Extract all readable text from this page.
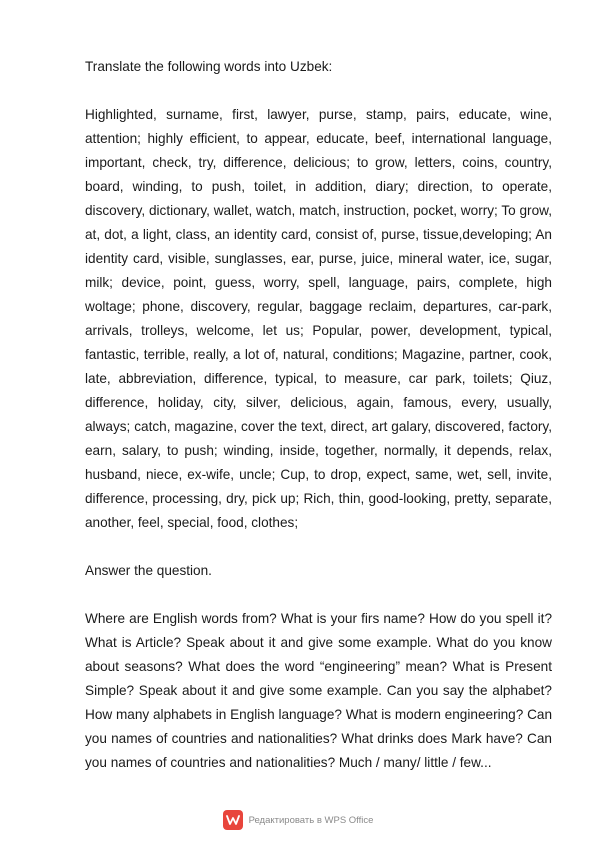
Translate the following words into Uzbek:

Highlighted, surname, first, lawyer, purse, stamp, pairs, educate, wine, attention; highly efficient, to appear, educate, beef, international language, important, check, try, difference, delicious; to grow, letters, coins, country, board, winding, to push, toilet, in addition, diary; direction, to operate, discovery, dictionary, wallet, watch, match, instruction, pocket, worry; To grow, at, dot, a light, class, an identity card, consist of, purse, tissue,developing; An identity card, visible, sunglasses, ear, purse, juice, mineral water, ice, sugar, milk; device, point, guess, worry, spell, language, pairs, complete, high woltage; phone, discovery, regular, baggage reclaim, departures, car-park, arrivals, trolleys, welcome, let us; Popular, power, development, typical, fantastic, terrible, really, a lot of, natural, conditions; Magazine, partner, cook, late, abbreviation, difference, typical, to measure, car park, toilets; Qiuz, difference, holiday, city, silver, delicious, again, famous, every, usually, always; catch, magazine, cover the text, direct, art galary, discovered, factory, earn, salary, to push; winding, inside, together, normally, it depends, relax, husband, niece, ex-wife, uncle; Cup, to drop, expect, same, wet, sell, invite, difference, processing, dry, pick up; Rich, thin, good-looking, pretty, separate, another, feel, special, food, clothes;

Answer the question.

Where are English words from? What is your firs name? How do you spell it? What is Article? Speak about it and give some example. What do you know about seasons? What does the word “engineering” mean? What is Present Simple? Speak about it and give some example. Can you say the alphabet? How many alphabets in English language? What is modern engineering? Can you names of countries and nationalities? What drinks does Mark have? Can you names of countries and nationalities? Much / many/ little / few...

Редактировать в WPS Office
